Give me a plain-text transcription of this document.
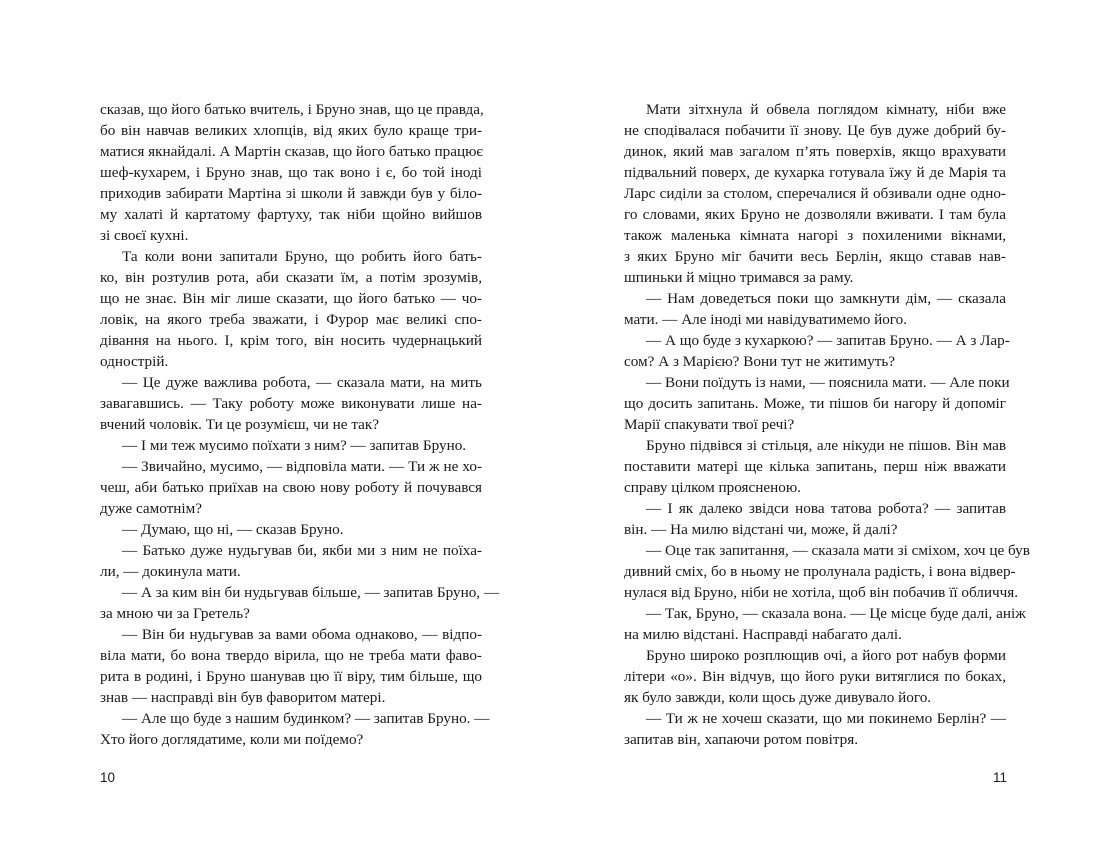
сказав, що його батько вчитель, і Бруно знав, що це правда,
бо він навчав великих хлопців, від яких було краще три-
матися якнайдалі. А Мартін сказав, що його батько працює
шеф-кухарем, і Бруно знав, що так воно і є, бо той іноді
приходив забирати Мартіна зі школи й завжди був у біло-
му халаті й картатому фартуху, так ніби щойно вийшов
зі своєї кухні.
Та коли вони запитали Бруно, що робить його бать-
ко, він розтулив рота, аби сказати їм, а потім зрозумів,
що не знає. Він міг лише сказати, що його батько — чо-
ловік, на якого треба зважати, і Фурор має великі спо-
дівання на нього. І, крім того, він носить чудернацький
однострій.
— Це дуже важлива робота, — сказала мати, на мить
завагавшись. — Таку роботу може виконувати лише на-
вчений чоловік. Ти це розумієш, чи не так?
— І ми теж мусимо поїхати з ним? — запитав Бруно.
— Звичайно, мусимо, — відповіла мати. — Ти ж не хо-
чеш, аби батько приїхав на свою нову роботу й почувався
дуже самотнім?
— Думаю, що ні, — сказав Бруно.
— Батько дуже нудьгував би, якби ми з ним не поїха-
ли, — докинула мати.
— А за ким він би нудьгував більше, — запитав Бруно, —
за мною чи за Гретель?
— Він би нудьгував за вами обома однаково, — відпо-
віла мати, бо вона твердо вірила, що не треба мати фаво-
рита в родині, і Бруно шанував цю її віру, тим більше, що
знав — насправді він був фаворитом матері.
— Але що буде з нашим будинком? — запитав Бруно. —
Хто його доглядатиме, коли ми поїдемо?
Мати зітхнула й обвела поглядом кімнату, ніби вже
не сподівалася побачити її знову. Це був дуже добрий бу-
динок, який мав загалом п’ять поверхів, якщо врахувати
підвальний поверх, де кухарка готувала їжу й де Марія та
Ларс сиділи за столом, сперечалися й обзивали одне одно-
го словами, яких Бруно не дозволяли вживати. І там була
також маленька кімната нагорі з похиленими вікнами,
з яких Бруно міг бачити весь Берлін, якщо ставав нав-
шпиньки й міцно тримався за раму.
— Нам доведеться поки що замкнути дім, — сказала
мати. — Але іноді ми навідуватимемо його.
— А що буде з кухаркою? — запитав Бруно. — А з Лар-
сом? А з Марією? Вони тут не житимуть?
— Вони поїдуть із нами, — пояснила мати. — Але поки
що досить запитань. Може, ти пішов би нагору й допоміг
Марії спакувати твої речі?
Бруно підвівся зі стільця, але нікуди не пішов. Він мав
поставити матері ще кілька запитань, перш ніж вважати
справу цілком проясненою.
— І як далеко звідси нова татова робота? — запитав
він. — На милю відстані чи, може, й далі?
— Оце так запитання, — сказала мати зі сміхом, хоч це був
дивний сміх, бо в ньому не пролунала радість, і вона відвер-
нулася від Бруно, ніби не хотіла, щоб він побачив її обличчя.
— Так, Бруно, — сказала вона. — Це місце буде далі, аніж
на милю відстані. Насправді набагато далі.
Бруно широко розплющив очі, а його рот набув форми
літери «о». Він відчув, що його руки витяглися по боках,
як було завжди, коли щось дуже дивувало його.
— Ти ж не хочеш сказати, що ми покинемо Берлін? —
запитав він, хапаючи ротом повітря.
10	11
